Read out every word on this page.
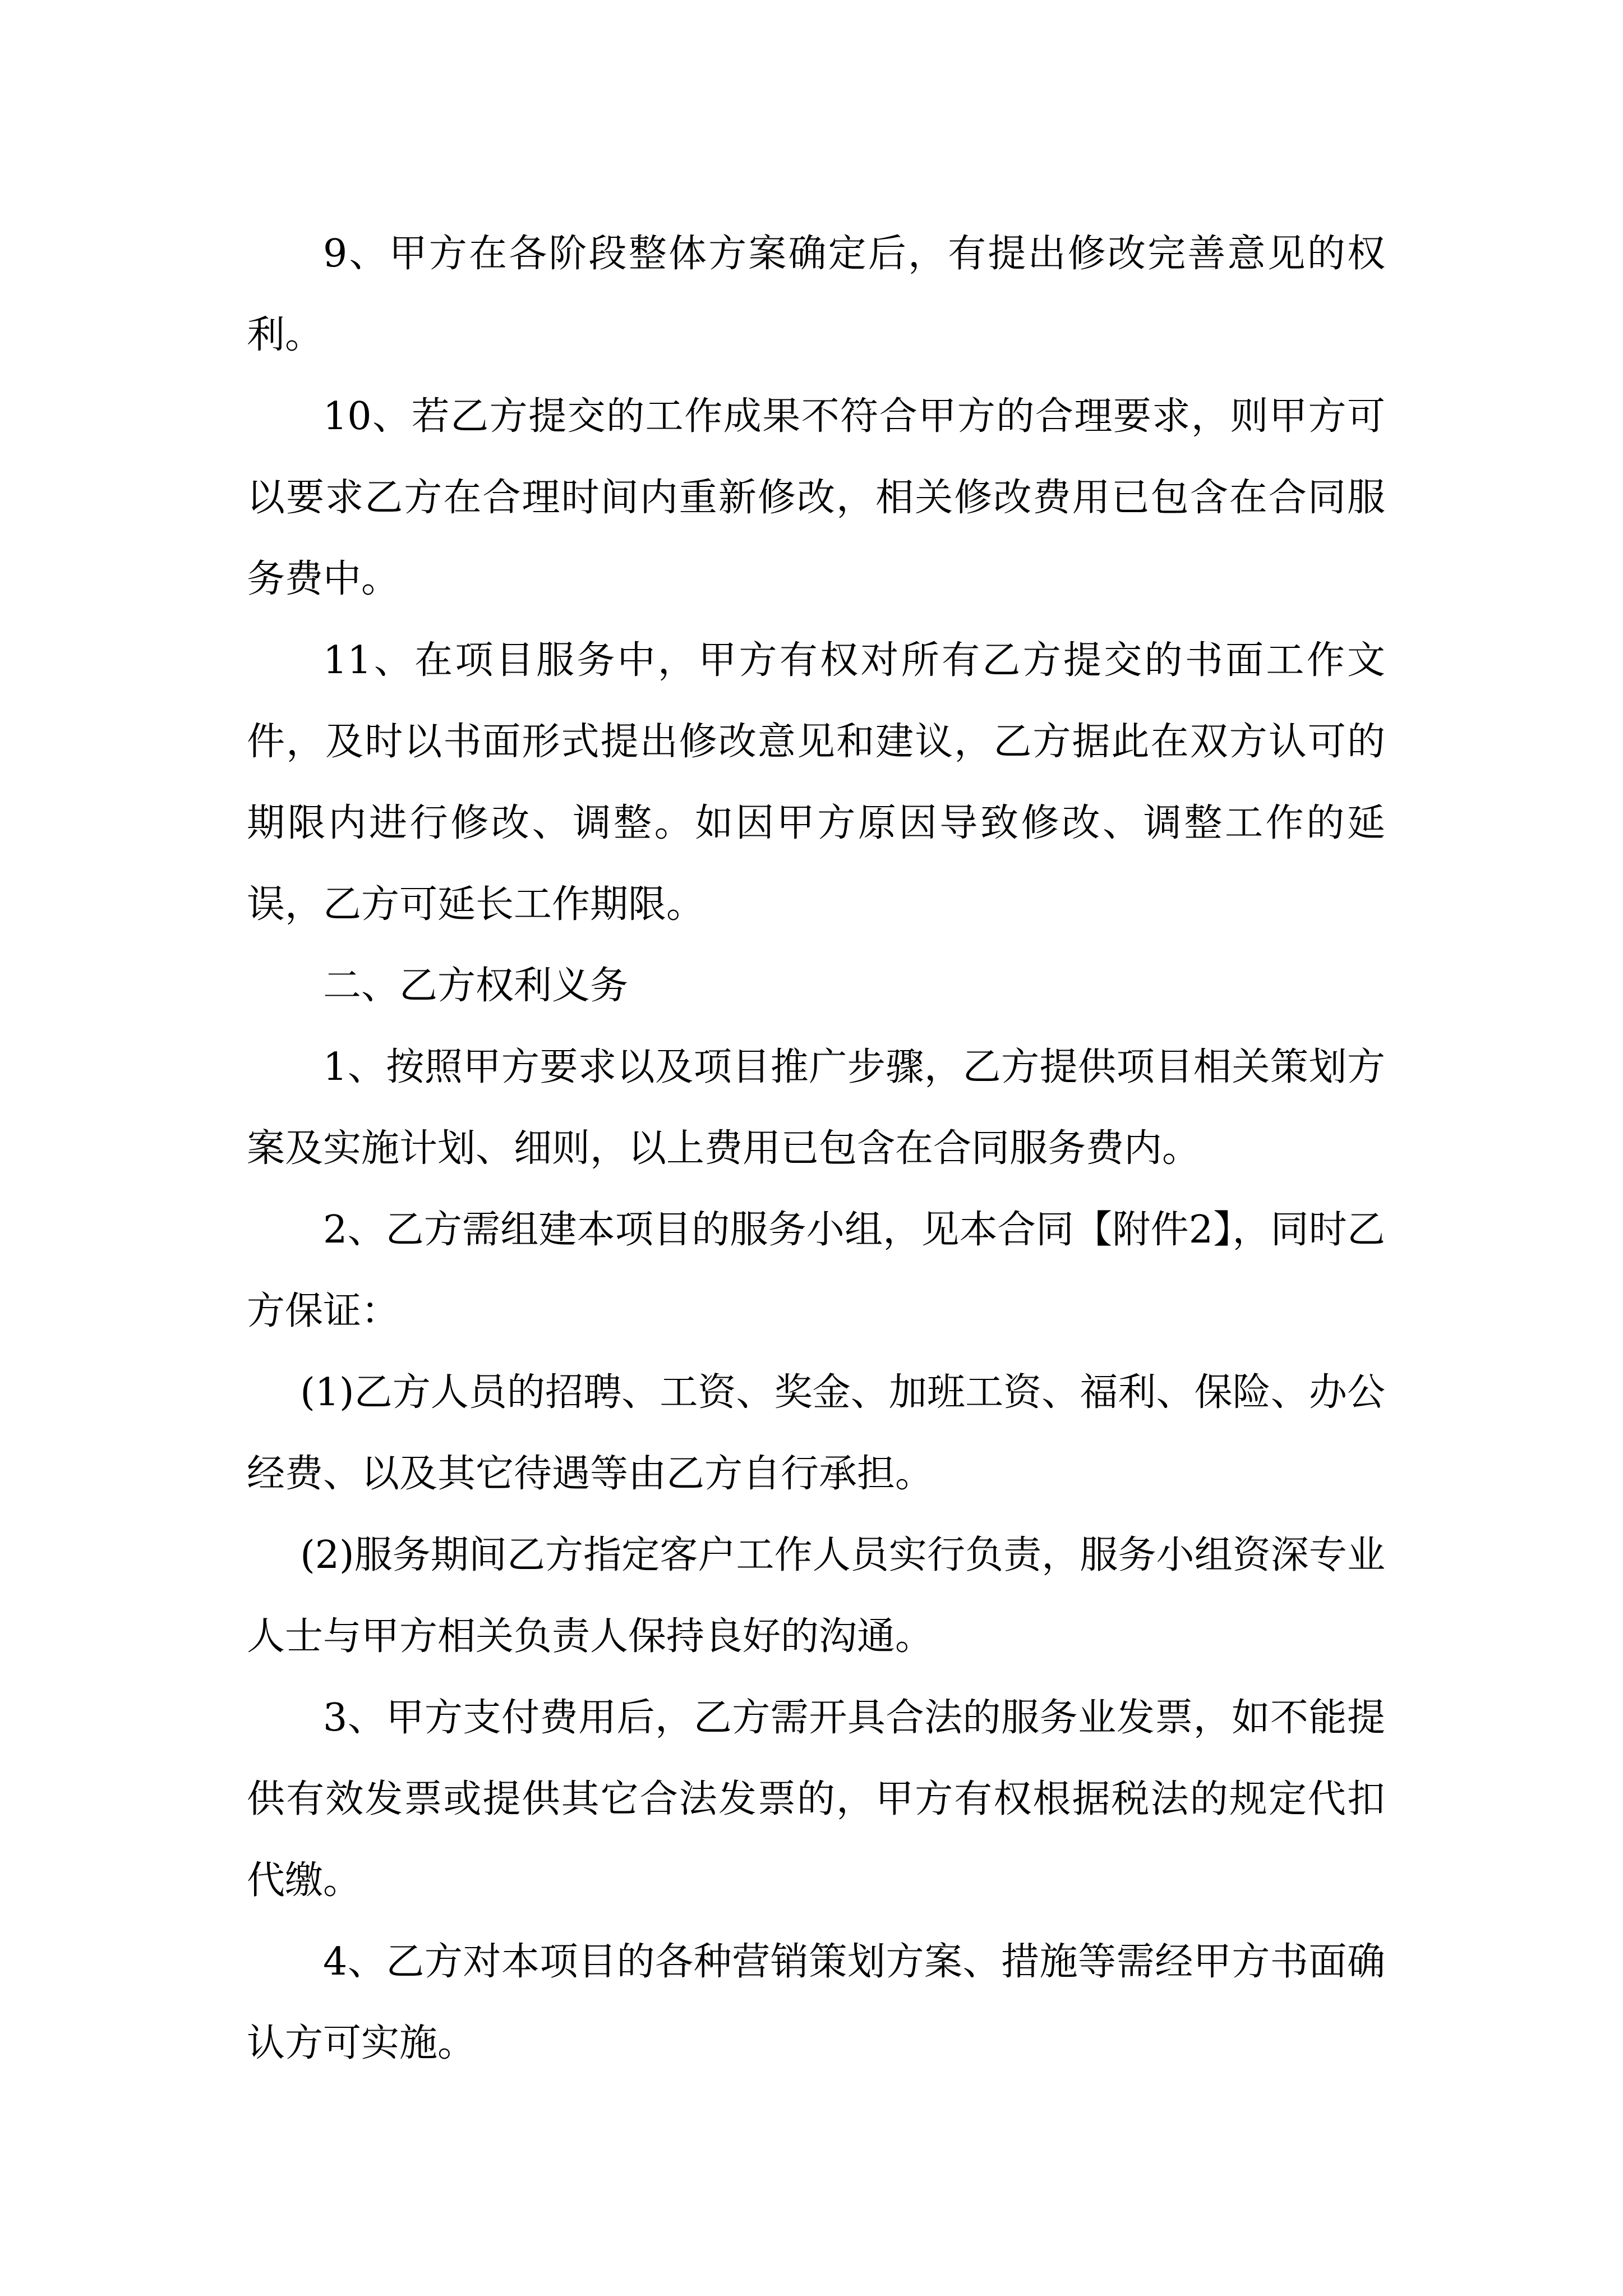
9、甲方在各阶段整体方案确定后，有提出修改完善意见的权利。

10、若乙方提交的工作成果不符合甲方的合理要求，则甲方可以要求乙方在合理时间内重新修改，相关修改费用已包含在合同服务费中。

11、在项目服务中，甲方有权对所有乙方提交的书面工作文件，及时以书面形式提出修改意见和建议，乙方据此在双方认可的期限内进行修改、调整。如因甲方原因导致修改、调整工作的延误，乙方可延长工作期限。

二、乙方权利义务

1、按照甲方要求以及项目推广步骤，乙方提供项目相关策划方案及实施计划、细则，以上费用已包含在合同服务费内。

2、乙方需组建本项目的服务小组，见本合同【附件2】，同时乙方保证：

(1)乙方人员的招聘、工资、奖金、加班工资、福利、保险、办公经费、以及其它待遇等由乙方自行承担。

(2)服务期间乙方指定客户工作人员实行负责，服务小组资深专业人士与甲方相关负责人保持良好的沟通。

3、甲方支付费用后，乙方需开具合法的服务业发票，如不能提供有效发票或提供其它合法发票的，甲方有权根据税法的规定代扣代缴。

4、乙方对本项目的各种营销策划方案、措施等需经甲方书面确认方可实施。
